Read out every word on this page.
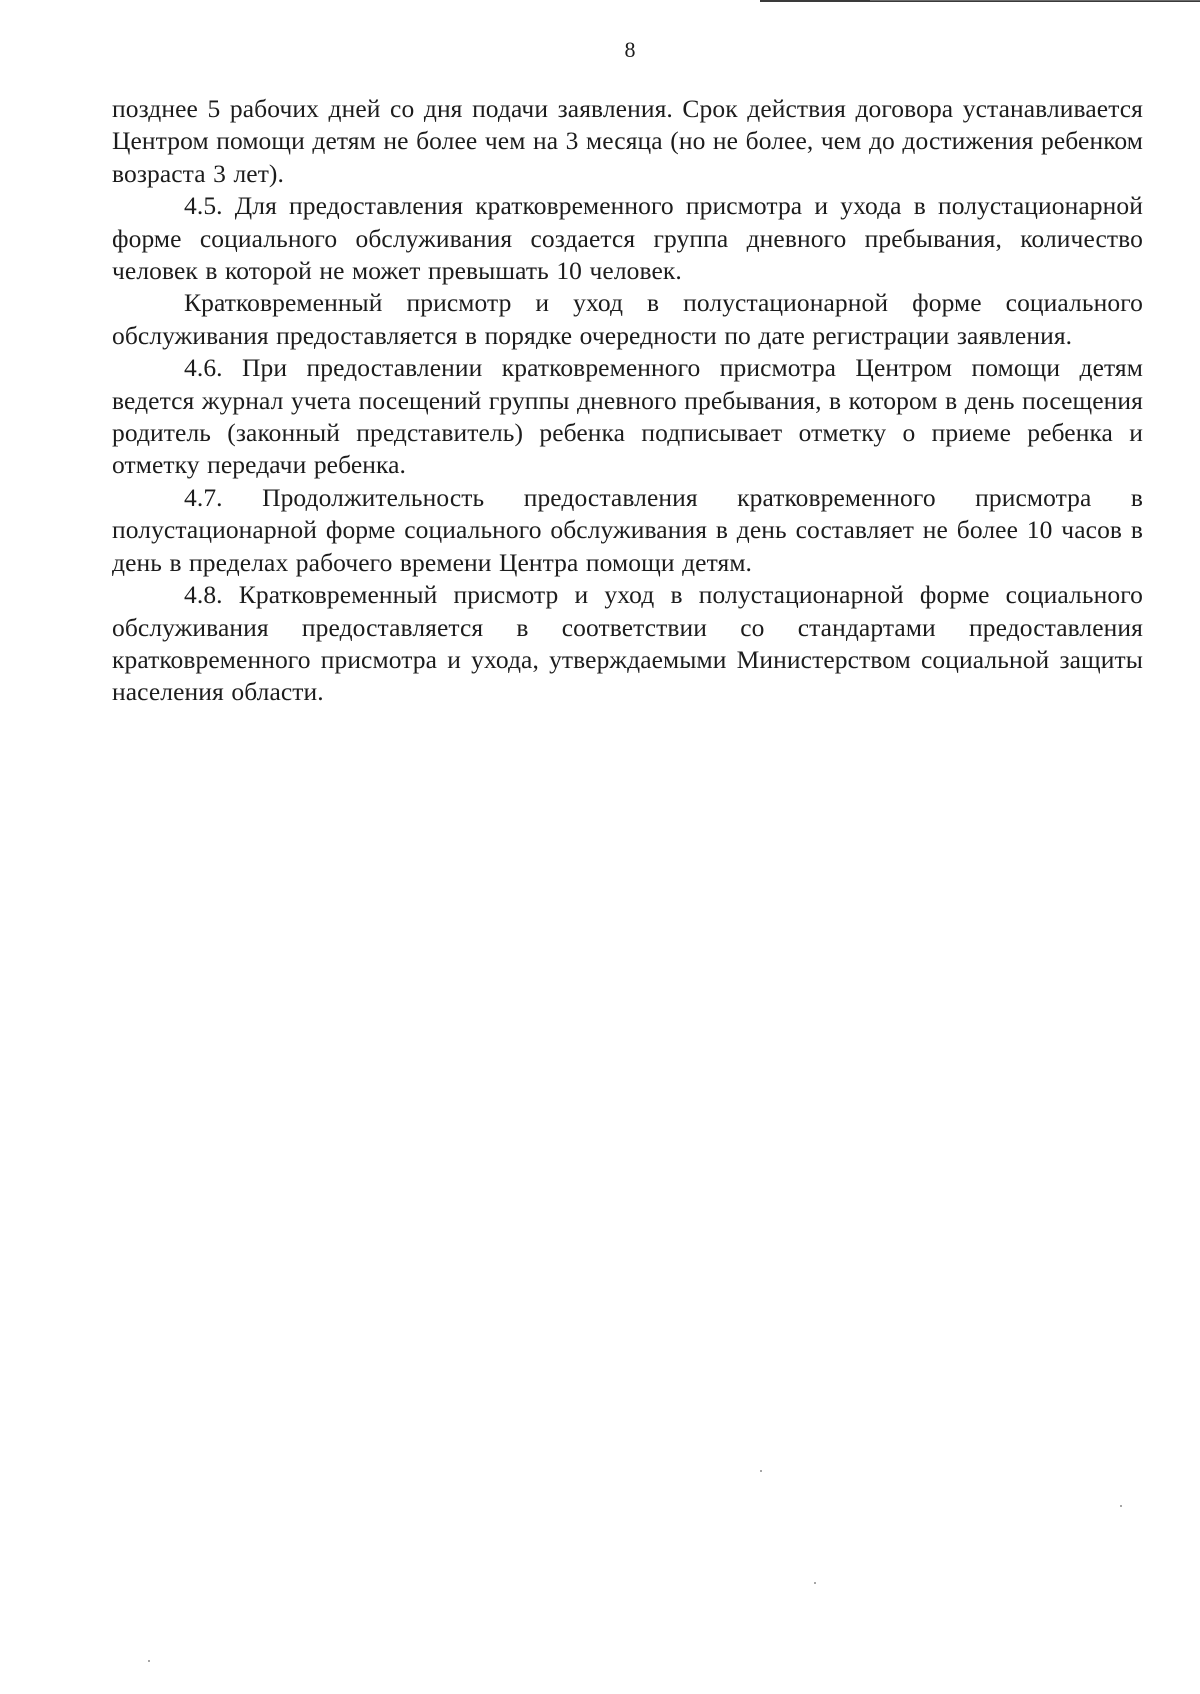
8

позднее 5 рабочих дней со дня подачи заявления. Срок действия договора устанавливается Центром помощи детям не более чем на 3 месяца (но не более, чем до достижения ребенком возраста 3 лет).

4.5. Для предоставления кратковременного присмотра и ухода в полустационарной форме социального обслуживания создается группа дневного пребывания, количество человек в которой не может превышать 10 человек.

Кратковременный присмотр и уход в полустационарной форме социального обслуживания предоставляется в порядке очередности по дате регистрации заявления.

4.6. При предоставлении кратковременного присмотра Центром помощи детям ведется журнал учета посещений группы дневного пребывания, в котором в день посещения родитель (законный представитель) ребенка подписывает отметку о приеме ребенка и отметку передачи ребенка.

4.7. Продолжительность предоставления кратковременного присмотра в полустационарной форме социального обслуживания в день составляет не более 10 часов в день в пределах рабочего времени Центра помощи детям.

4.8. Кратковременный присмотр и уход в полустационарной форме социального обслуживания предоставляется в соответствии со стандартами предоставления кратковременного присмотра и ухода, утверждаемыми Министерством социальной защиты населения области.
